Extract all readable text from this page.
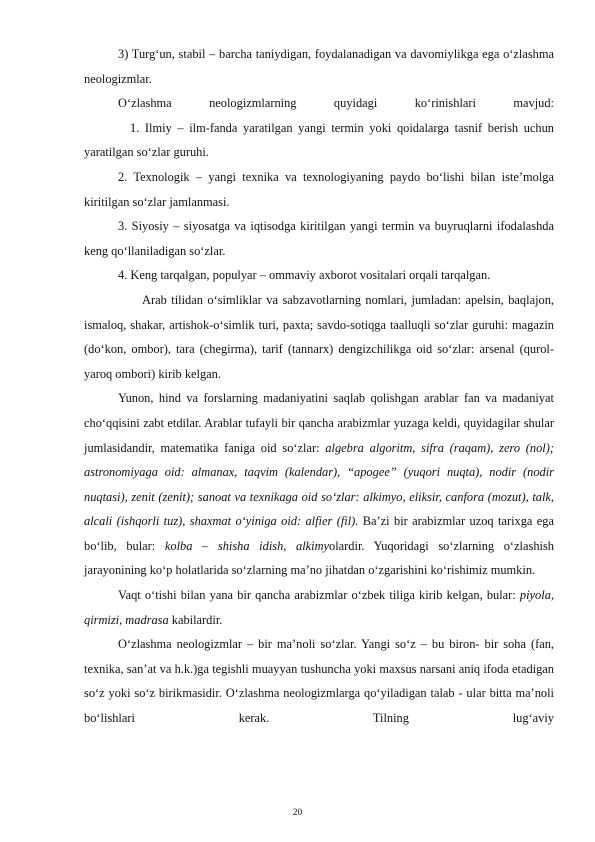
3) Turg‘un, stabil – barcha taniydigan, foydalanadigan va davomiylikga ega o‘zlashma neologizmlar.

O‘zlashma neologizmlarning quyidagi ko‘rinishlari mavjud:

1. Ilmiy – ilm-fanda yaratilgan yangi termin yoki qoidalarga tasnif berish uchun yaratilgan so‘zlar guruhi.

2. Texnologik – yangi texnika va texnologiyaning paydo bo‘lishi bilan iste’molga kiritilgan so‘zlar jamlanmasi.

3. Siyosiy – siyosatga va iqtisodga kiritilgan yangi termin va buyruqlarni ifodalashda keng qo‘llaniladigan so‘zlar.

4. Keng tarqalgan, populyar – ommaviy axborot vositalari orqali tarqalgan.

Arab tilidan o‘simliklar va sabzavotlarning nomlari, jumladan: apelsin, baqlajon, ismaloq, shakar, artishok-o‘simlik turi, paxta; savdo-sotiqga taalluqli so‘zlar guruhi: magazin (do‘kon, ombor), tara (chegirma), tarif (tannarx) dengizchilikga oid so‘zlar: arsenal (qurol-yaroq ombori) kirib kelgan.

Yunon, hind va forslarning madaniyatini saqlab qolishgan arablar fan va madaniyat cho‘qqisini zabt etdilar. Arablar tufayli bir qancha arabizmlar yuzaga keldi, quyidagilar shular jumlasidandir, matematika faniga oid so‘zlar: algebra algoritm, sifra (raqam), zero (nol); astronomiyaga oid: almanax, taqvim (kalendar), “apogee” (yuqori nuqta), nodir (nodir nuqtasi), zenit (zenit); sanoat va texnikaga oid so‘zlar: alkimyo, eliksir, canfora (mozut), talk, alcali (ishqorli tuz), shaxmat o‘yiniga oid: alfier (fil). Ba’zi bir arabizmlar uzoq tarixga ega bo‘lib, bular: kolba – shisha idish, alkimyolardir. Yuqoridagi so‘zlarning o‘zlashish jarayonining ko‘p holatlarida so‘zlarning ma’no jihatdan o‘zgarishini ko‘rishimiz mumkin.

Vaqt o‘tishi bilan yana bir qancha arabizmlar o‘zbek tiliga kirib kelgan, bular: piyola, qirmizi, madrasa kabilardir.

O‘zlashma neologizmlar – bir ma’noli so‘zlar. Yangi so‘z – bu biron- bir soha (fan, texnika, san’at va h.k.)ga tegishli muayyan tushuncha yoki maxsus narsani aniq ifoda etadigan so‘z yoki so‘z birikmasidir. O‘zlashma neologizmlarga qo‘yiladigan talab - ular bitta ma’noli bo‘lishlari kerak. Tilning lug‘aviy

20
